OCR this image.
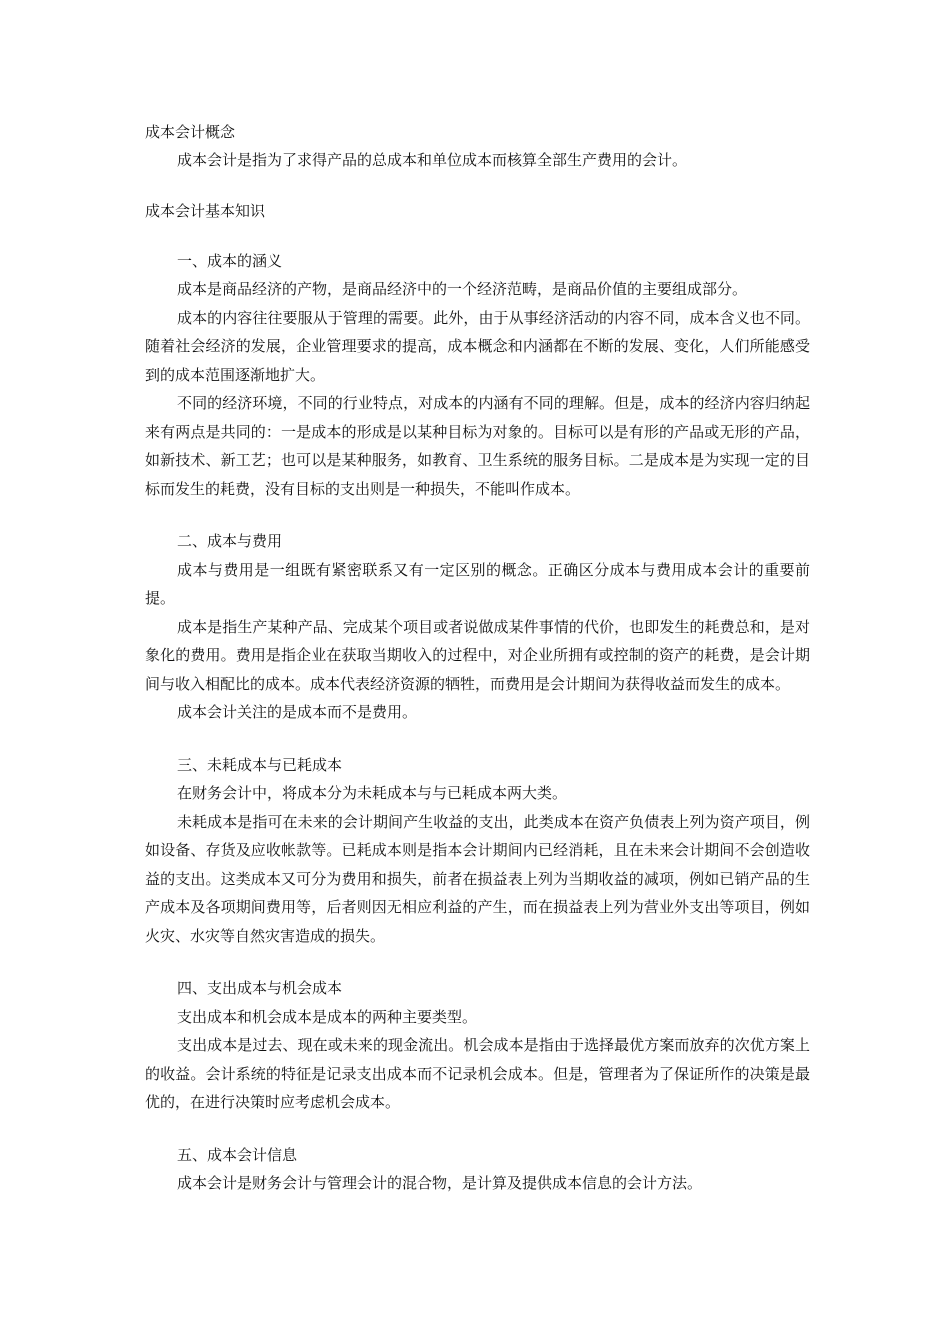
成本会计概念

成本会计是指为了求得产品的总成本和单位成本而核算全部生产费用的会计。

成本会计基本知识

一、成本的涵义

成本是商品经济的产物，是商品经济中的一个经济范畴，是商品价值的主要组成部分。

成本的内容往往要服从于管理的需要。此外，由于从事经济活动的内容不同，成本含义也不同。随着社会经济的发展，企业管理要求的提高，成本概念和内涵都在不断的发展、变化，人们所能感受到的成本范围逐渐地扩大。

不同的经济环境，不同的行业特点，对成本的内涵有不同的理解。但是，成本的经济内容归纳起来有两点是共同的：一是成本的形成是以某种目标为对象的。目标可以是有形的产品或无形的产品，如新技术、新工艺；也可以是某种服务，如教育、卫生系统的服务目标。二是成本是为实现一定的目标而发生的耗费，没有目标的支出则是一种损失，不能叫作成本。

二、成本与费用

成本与费用是一组既有紧密联系又有一定区别的概念。正确区分成本与费用成本会计的重要前提。

成本是指生产某种产品、完成某个项目或者说做成某件事情的代价，也即发生的耗费总和，是对象化的费用。费用是指企业在获取当期收入的过程中，对企业所拥有或控制的资产的耗费，是会计期间与收入相配比的成本。成本代表经济资源的牺牲，而费用是会计期间为获得收益而发生的成本。

成本会计关注的是成本而不是费用。

三、未耗成本与已耗成本

在财务会计中，将成本分为未耗成本与与已耗成本两大类。

未耗成本是指可在未来的会计期间产生收益的支出，此类成本在资产负债表上列为资产项目，例如设备、存货及应收帐款等。已耗成本则是指本会计期间内已经消耗，且在未来会计期间不会创造收益的支出。这类成本又可分为费用和损失，前者在损益表上列为当期收益的减项，例如已销产品的生产成本及各项期间费用等，后者则因无相应利益的产生，而在损益表上列为营业外支出等项目，例如火灾、水灾等自然灾害造成的损失。

四、支出成本与机会成本

支出成本和机会成本是成本的两种主要类型。

支出成本是过去、现在或未来的现金流出。机会成本是指由于选择最优方案而放弃的次优方案上的收益。会计系统的特征是记录支出成本而不记录机会成本。但是，管理者为了保证所作的决策是最优的，在进行决策时应考虑机会成本。

五、成本会计信息

成本会计是财务会计与管理会计的混合物，是计算及提供成本信息的会计方法。
